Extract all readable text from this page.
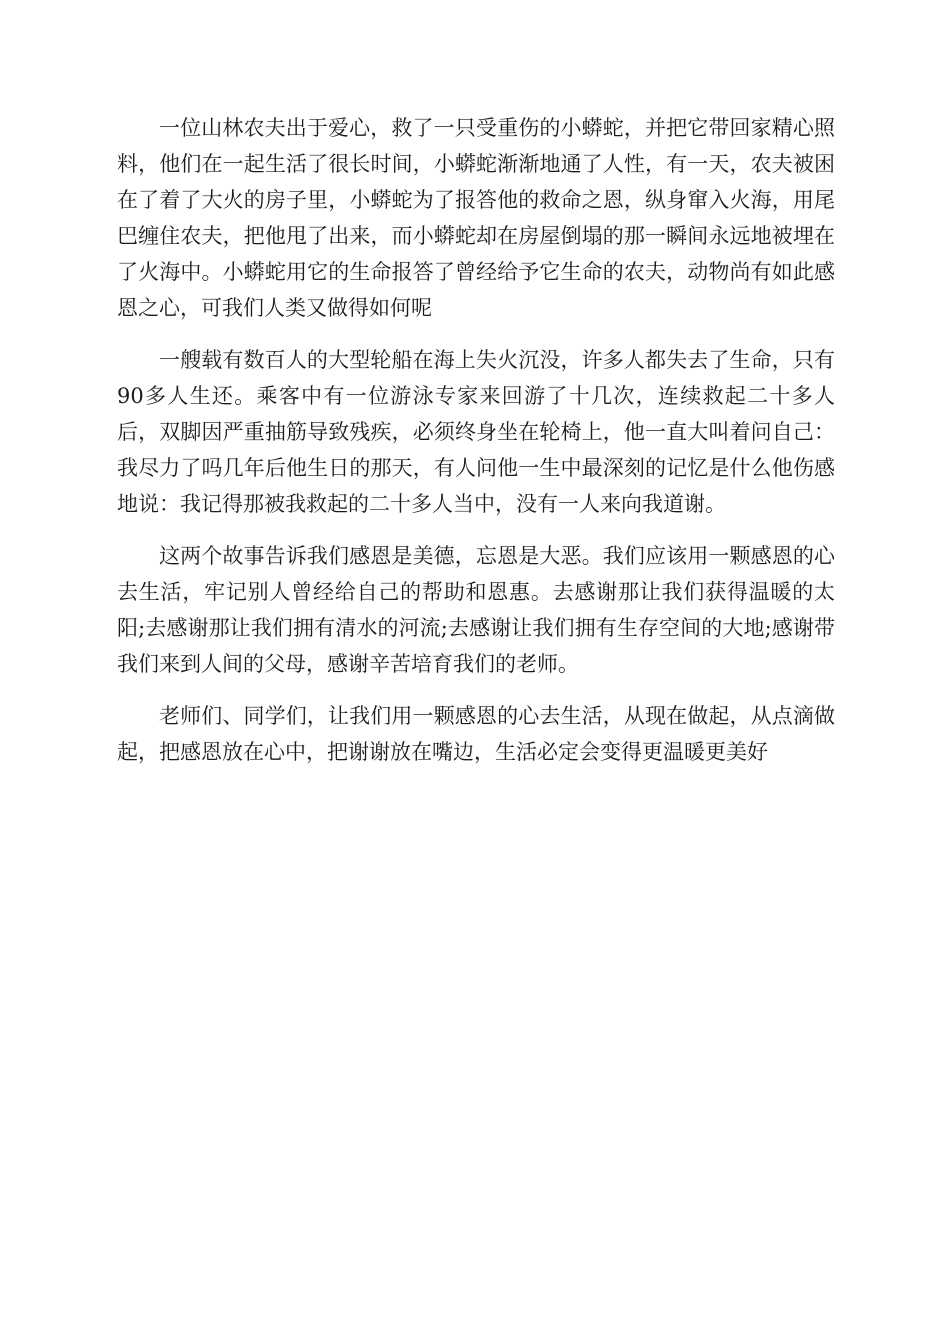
一位山林农夫出于爱心，救了一只受重伤的小蟒蛇，并把它带回家精心照料，他们在一起生活了很长时间，小蟒蛇渐渐地通了人性，有一天，农夫被困在了着了大火的房子里，小蟒蛇为了报答他的救命之恩，纵身窜入火海，用尾巴缠住农夫，把他甩了出来，而小蟒蛇却在房屋倒塌的那一瞬间永远地被埋在了火海中。小蟒蛇用它的生命报答了曾经给予它生命的农夫，动物尚有如此感恩之心，可我们人类又做得如何呢

一艘载有数百人的大型轮船在海上失火沉没，许多人都失去了生命，只有90多人生还。乘客中有一位游泳专家来回游了十几次，连续救起二十多人后，双脚因严重抽筋导致残疾，必须终身坐在轮椅上，他一直大叫着问自己：我尽力了吗几年后他生日的那天，有人问他一生中最深刻的记忆是什么他伤感地说：我记得那被我救起的二十多人当中，没有一人来向我道谢。

这两个故事告诉我们感恩是美德，忘恩是大恶。我们应该用一颗感恩的心去生活，牢记别人曾经给自己的帮助和恩惠。去感谢那让我们获得温暖的太阳;去感谢那让我们拥有清水的河流;去感谢让我们拥有生存空间的大地;感谢带我们来到人间的父母，感谢辛苦培育我们的老师。

老师们、同学们，让我们用一颗感恩的心去生活，从现在做起，从点滴做起，把感恩放在心中，把谢谢放在嘴边，生活必定会变得更温暖更美好
